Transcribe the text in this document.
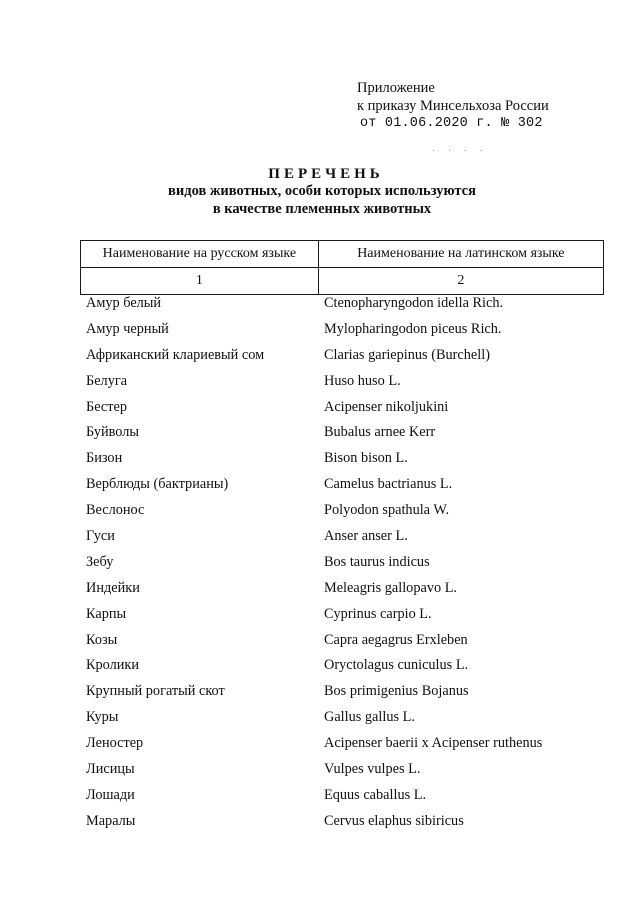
Приложение
к приказу Минсельхоза России
от 01.06.2020 г. № 302
· · · ·
ПЕРЕЧЕНЬ
видов животных, особи которых используются
в качестве племенных животных
Наименование на русском языке	Наименование на латинском языке
1	2
Амур белый	Ctenopharyngodon idella Rich.
Амур черный	Mylopharingodon piceus Rich.
Африканский клариевый сом	Clarias gariepinus (Burchell)
Белуга	Huso huso L.
Бестер	Acipenser nikoljukini
Буйволы	Bubalus arnee Kerr
Бизон	Bison bison L.
Верблюды (бактрианы)	Camelus bactrianus L.
Веслонос	Polyodon spathula W.
Гуси	Anser anser L.
Зебу	Bos taurus indicus
Индейки	Meleagris gallopavo L.
Карпы	Cyprinus carpio L.
Козы	Capra aegagrus Erxleben
Кролики	Oryctolagus cuniculus L.
Крупный рогатый скот	Bos primigenius Bojanus
Куры	Gallus gallus L.
Леностер	Acipenser baerii x Acipenser ruthenus
Лисицы	Vulpes vulpes L.
Лошади	Equus caballus L.
Маралы	Cervus elaphus sibiricus
